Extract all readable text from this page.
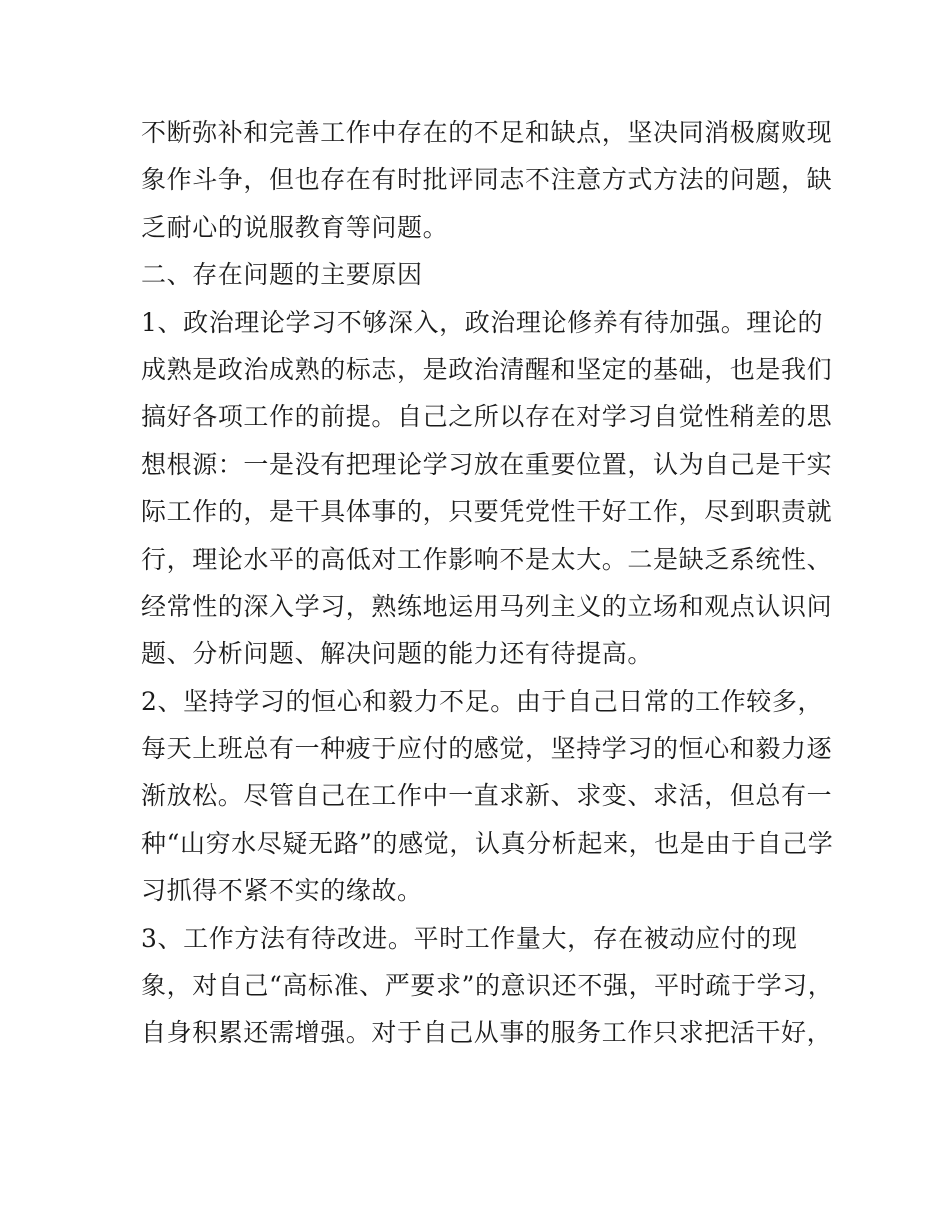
不断弥补和完善工作中存在的不足和缺点，坚决同消极腐败现
象作斗争，但也存在有时批评同志不注意方式方法的问题，缺
乏耐心的说服教育等问题。
二、存在问题的主要原因
1、政治理论学习不够深入，政治理论修养有待加强。理论的
成熟是政治成熟的标志，是政治清醒和坚定的基础，也是我们
搞好各项工作的前提。自己之所以存在对学习自觉性稍差的思
想根源：一是没有把理论学习放在重要位置，认为自己是干实
际工作的，是干具体事的，只要凭党性干好工作，尽到职责就
行，理论水平的高低对工作影响不是太大。二是缺乏系统性、
经常性的深入学习，熟练地运用马列主义的立场和观点认识问
题、分析问题、解决问题的能力还有待提高。
2、坚持学习的恒心和毅力不足。由于自己日常的工作较多，
每天上班总有一种疲于应付的感觉，坚持学习的恒心和毅力逐
渐放松。尽管自己在工作中一直求新、求变、求活，但总有一
种“山穷水尽疑无路”的感觉，认真分析起来，也是由于自己学
习抓得不紧不实的缘故。
3、工作方法有待改进。平时工作量大，存在被动应付的现
象，对自己“高标准、严要求”的意识还不强，平时疏于学习，
自身积累还需增强。对于自己从事的服务工作只求把活干好，
